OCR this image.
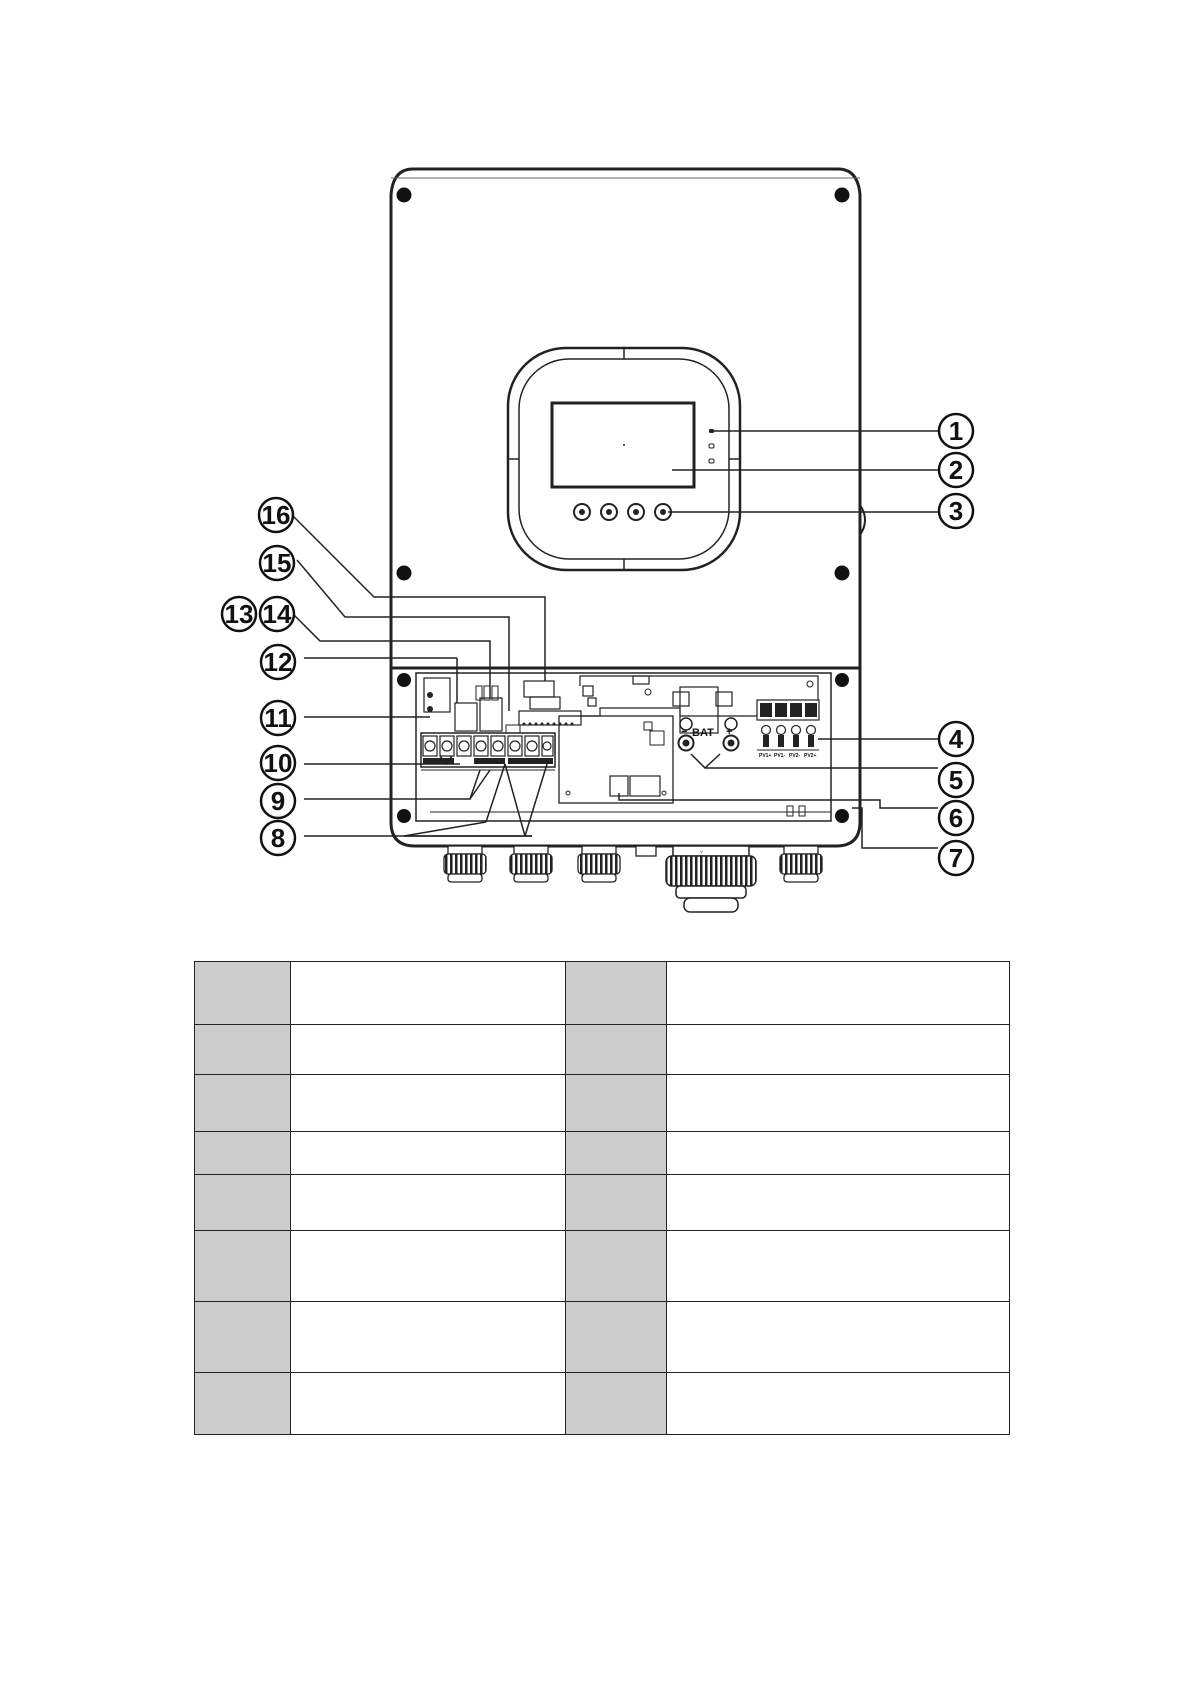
BAT
−	+
PV1+ PV1- PV2- PV2+
V
1
2
3
4
5
6
7
8
9
10
11
12
13 14
15
16
